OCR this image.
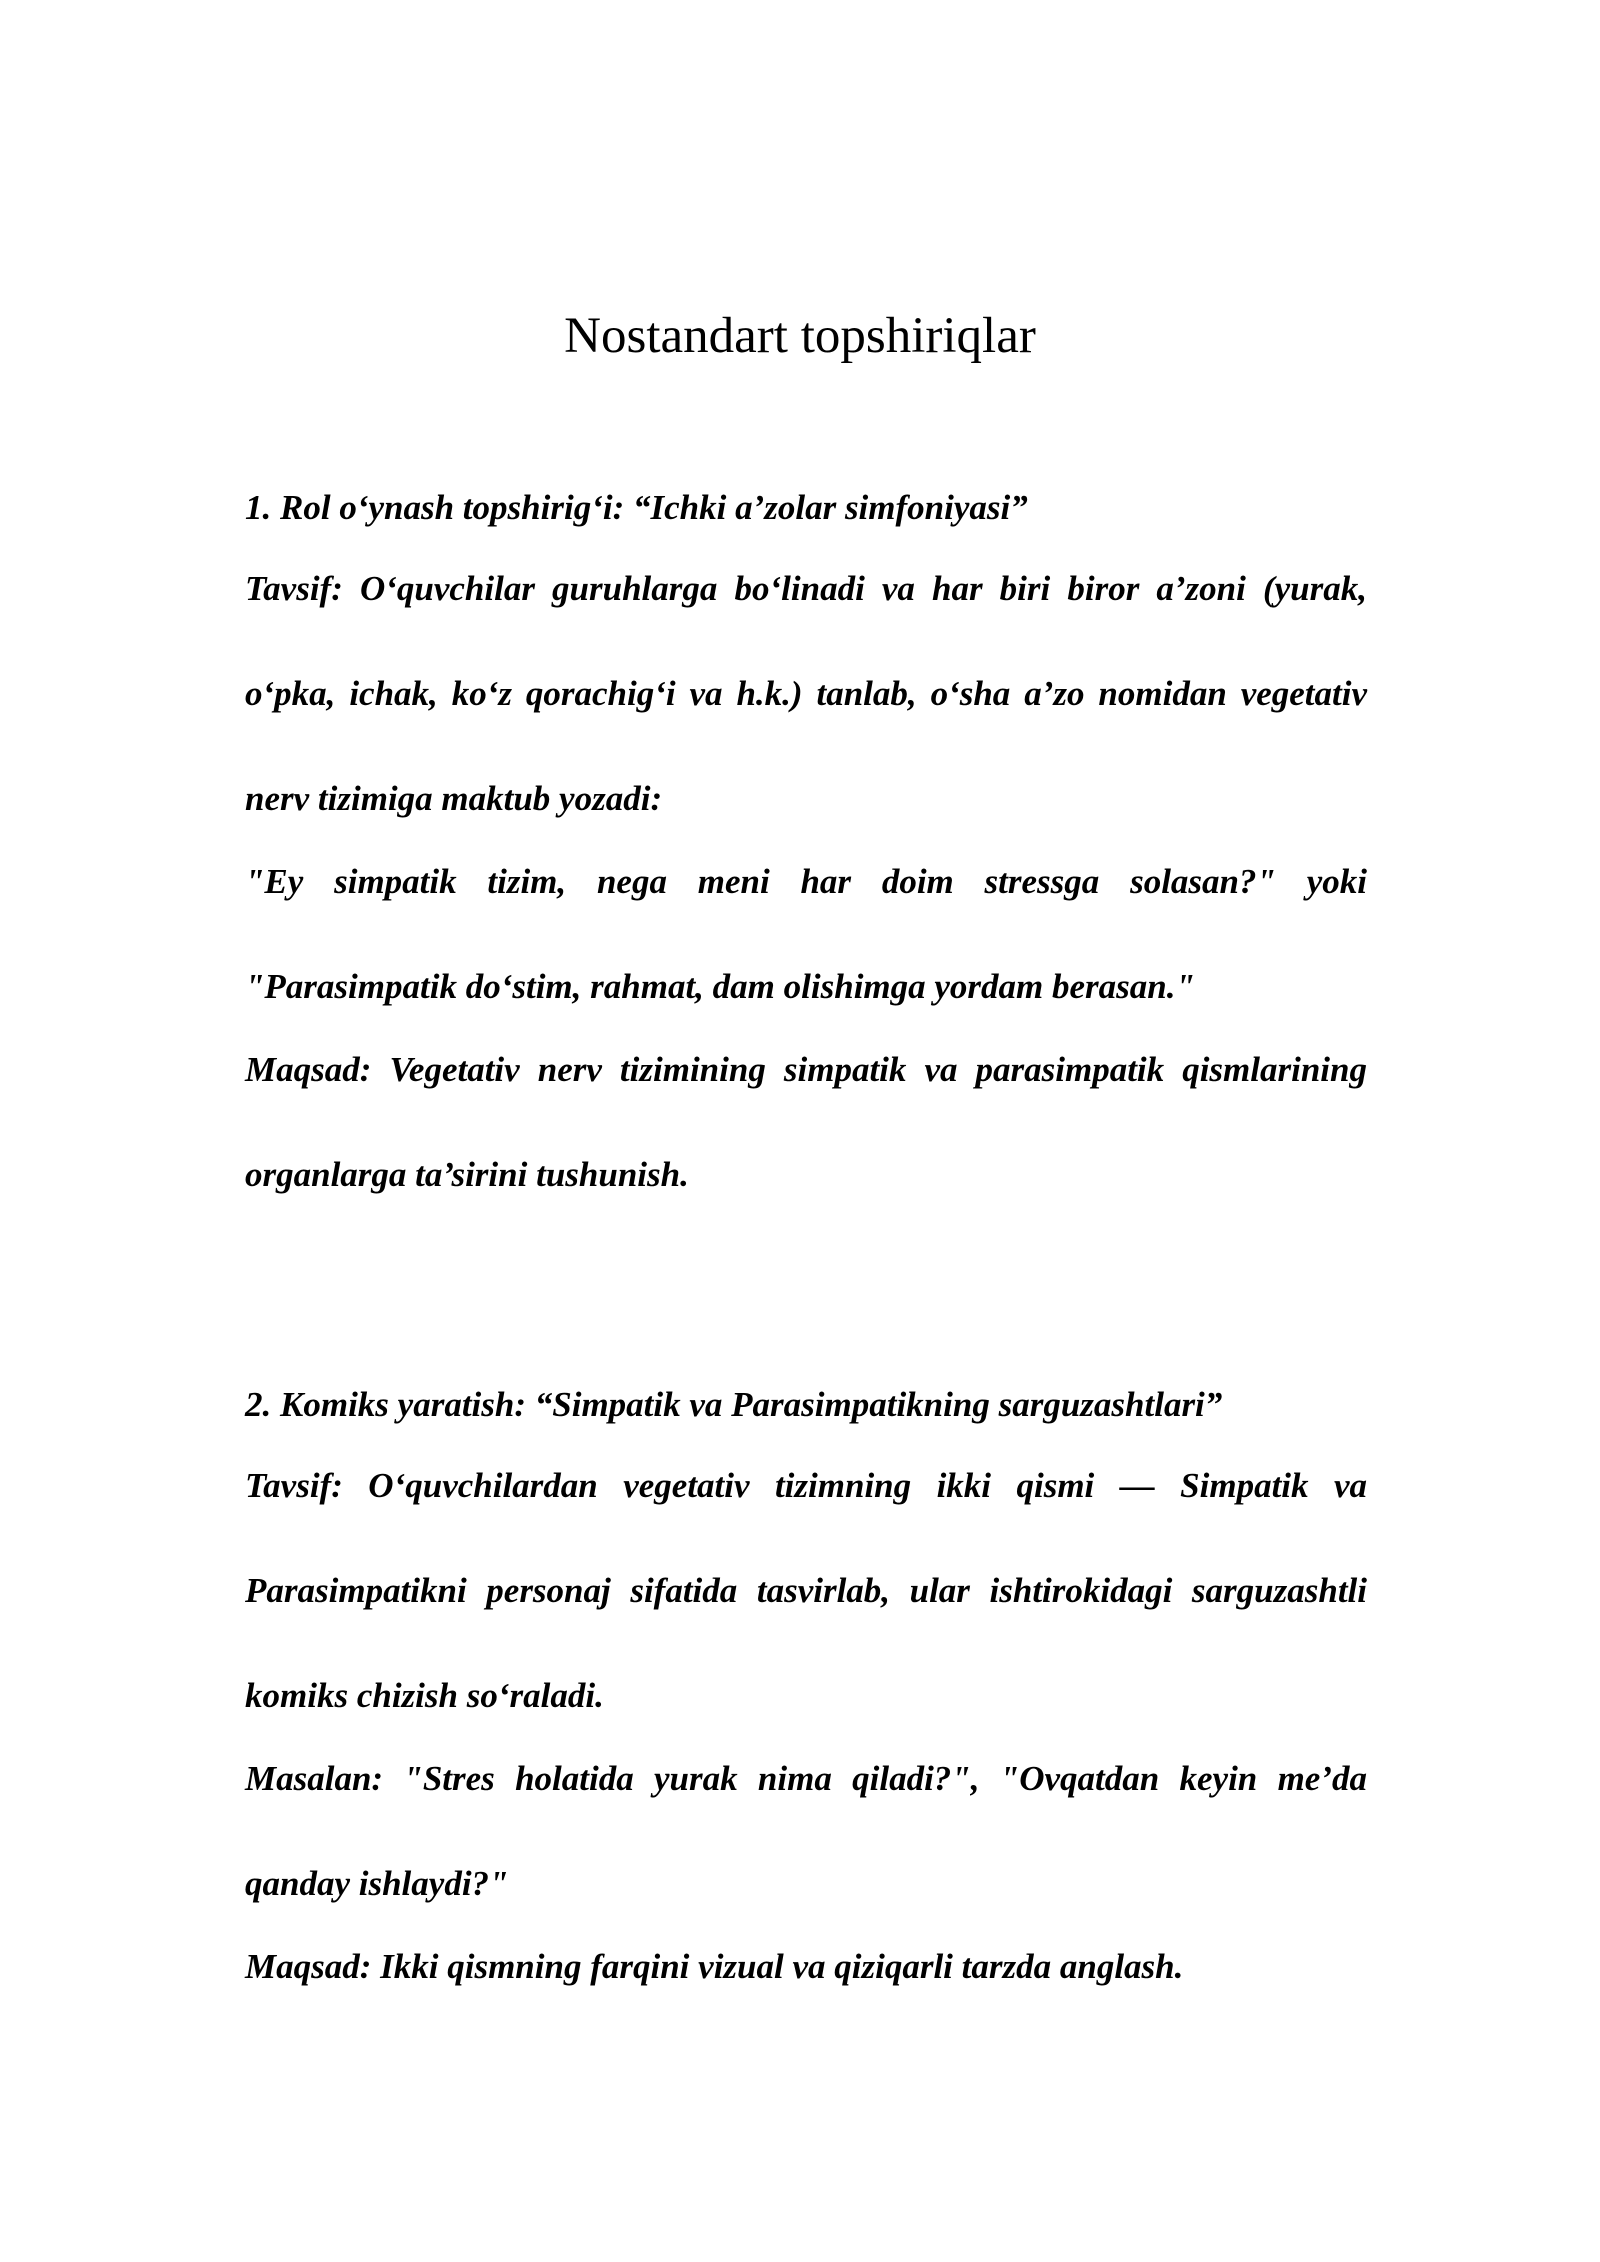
Nostandart topshiriqlar

1. Rol o‘ynash topshirig‘i: “Ichki a’zolar simfoniyasi”

Tavsif: O‘quvchilar guruhlarga bo‘linadi va har biri biror a’zoni (yurak, o‘pka, ichak, ko‘z qorachig‘i va h.k.) tanlab, o‘sha a’zo nomidan vegetativ nerv tizimiga maktub yozadi:

"Ey simpatik tizim, nega meni har doim stressga solasan?" yoki "Parasimpatik do‘stim, rahmat, dam olishimga yordam berasan."

Maqsad: Vegetativ nerv tizimining simpatik va parasimpatik qismlarining organlarga ta’sirini tushunish.

2. Komiks yaratish: “Simpatik va Parasimpatikning sarguzashtlari”

Tavsif: O‘quvchilardan vegetativ tizimning ikki qismi — Simpatik va Parasimpatikni personaj sifatida tasvirlab, ular ishtirokidagi sarguzashtli komiks chizish so‘raladi.

Masalan: "Stres holatida yurak nima qiladi?", "Ovqatdan keyin me’da qanday ishlaydi?"

Maqsad: Ikki qismning farqini vizual va qiziqarli tarzda anglash.
